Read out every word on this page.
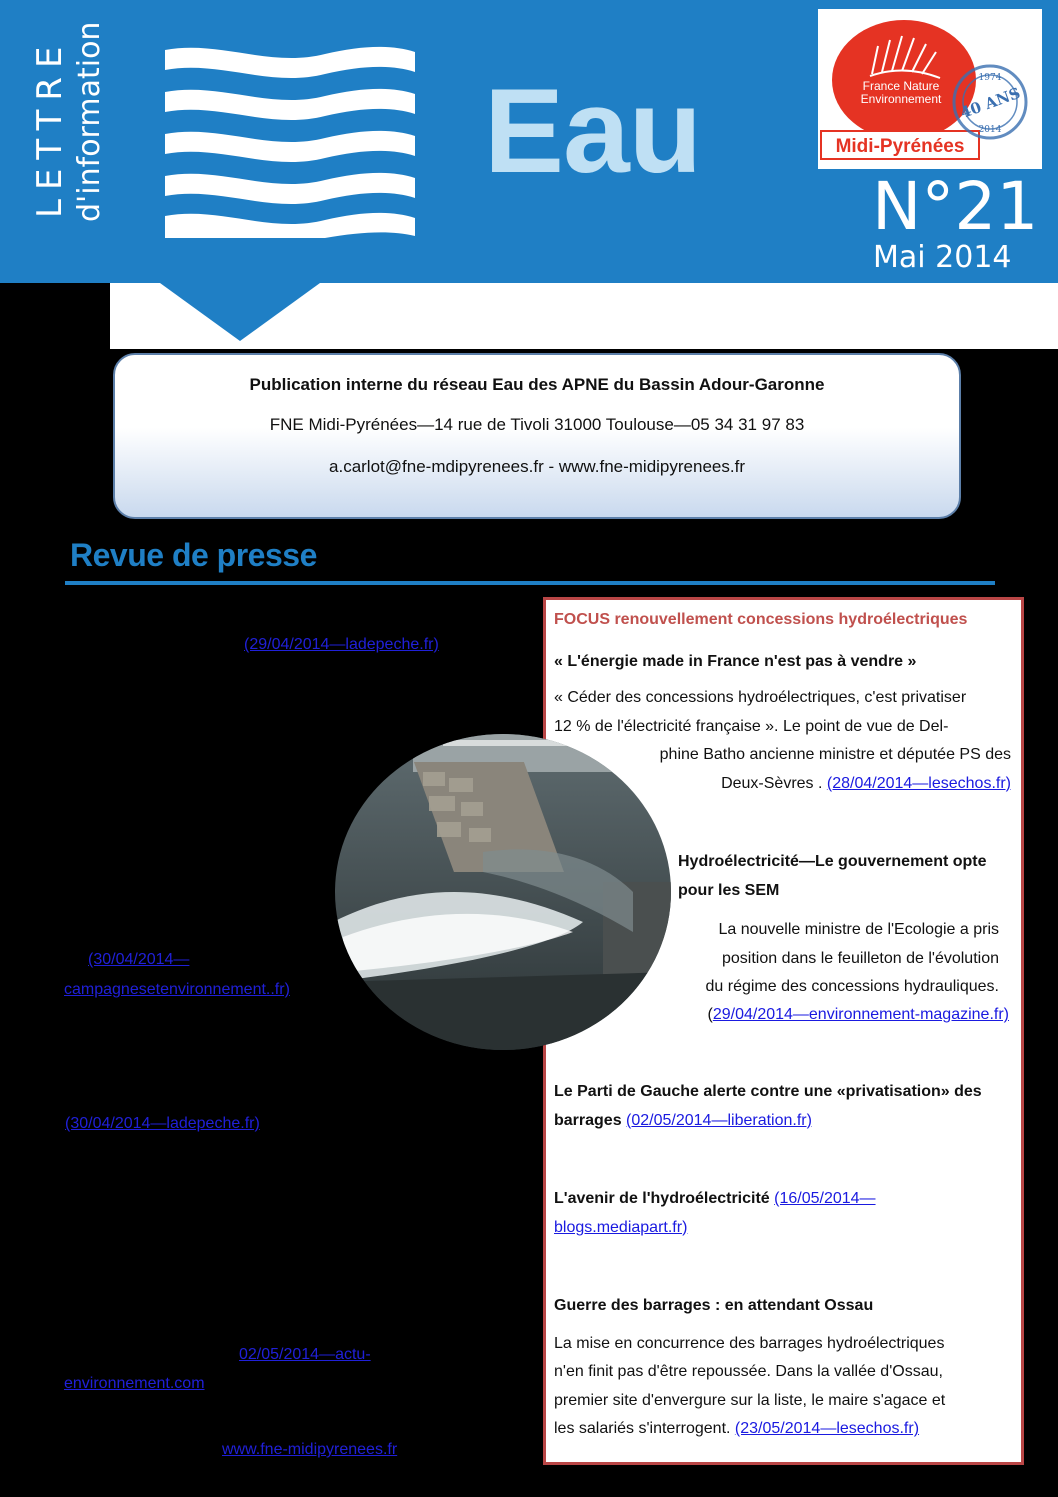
LETTRE d'information	Eau	France Nature
Environnement
Midi-Pyrénées
40 ANS
1974
2014
N°21
Mai 2014
Publication interne du réseau Eau des APNE du Bassin Adour-Garonne
FNE Midi-Pyrénées—14 rue de Tivoli 31000 Toulouse—05 34 31 97 83
a.carlot@fne-mdipyrenees.fr - www.fne-midipyrenees.fr
Revue de presse
(29/04/2014—ladepeche.fr)
(30/04/2014—
campagnesetenvironnement..fr)
(30/04/2014—ladepeche.fr)
02/05/2014—actu-
environnement.com
www.fne-midipyrenees.fr
FOCUS renouvellement concessions hydroélectriques
« L'énergie made in France n'est pas à vendre »
« Céder des concessions hydroélectriques, c'est privatiser
12 % de l'électricité française ». Le point de vue de Del-
phine Batho ancienne ministre et députée PS des
Deux-Sèvres . (28/04/2014—lesechos.fr)
Hydroélectricité—Le gouvernement opte
pour les SEM
La nouvelle ministre de l'Ecologie a pris
position dans le feuilleton de l'évolution
du régime des concessions hydrauliques.
(29/04/2014—environnement-magazine.fr)
Le Parti de Gauche alerte contre une «privatisation» des
barrages (02/05/2014—liberation.fr)
L'avenir de l'hydroélectricité (16/05/2014—
blogs.mediapart.fr)
Guerre des barrages : en attendant Ossau
La mise en concurrence des barrages hydroélectriques
n'en finit pas d'être repoussée. Dans la vallée d'Ossau,
premier site d'envergure sur la liste, le maire s'agace et
les salariés s'interrogent. (23/05/2014—lesechos.fr)
